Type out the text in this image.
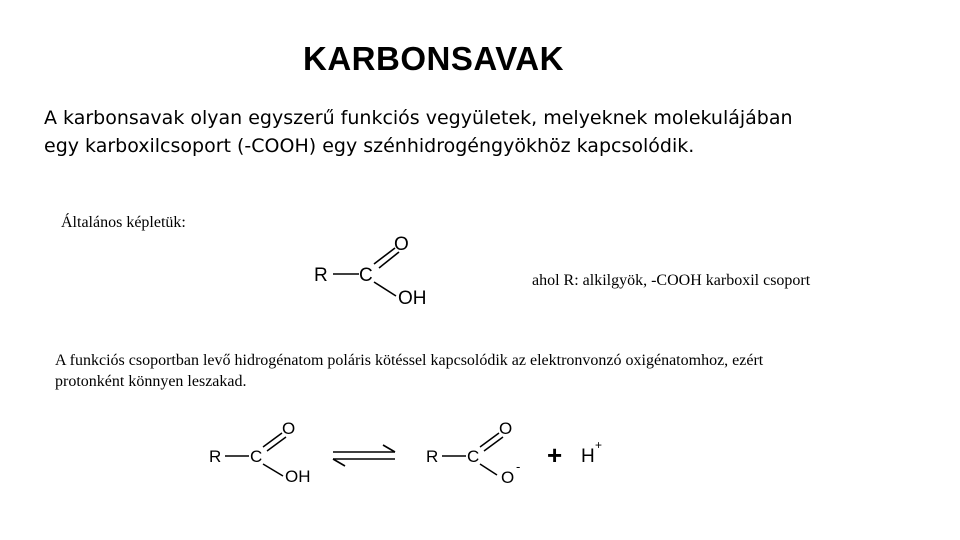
KARBONSAVAK
A karbonsavak olyan egyszerű funkciós vegyületek, melyeknek molekulájában
egy karboxilcsoport (-COOH) egy szénhidrogéngyökhöz kapcsolódik.
Általános képletük:
R C
O
OH
ahol R: alkilgyök, -COOH karboxil csoport
A funkciós csoportban levő hidrogénatom poláris kötéssel kapcsolódik az elektronvonzó oxigénatomhoz, ezért
protonként könnyen leszakad.
R C
O
OH
R C
O
O
- + H
+
